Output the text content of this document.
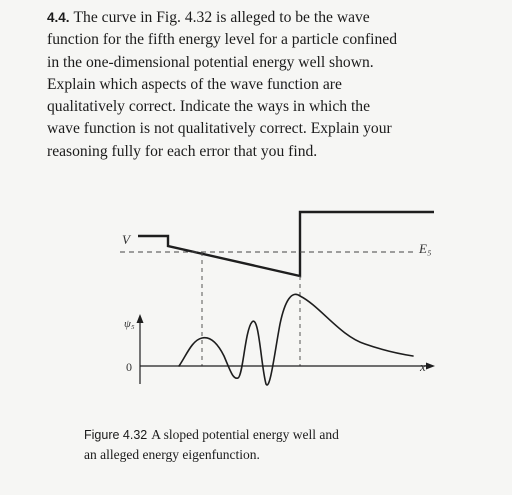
4.4. The curve in Fig. 4.32 is alleged to be the wave
function for the fifth energy level for a particle confined
in the one-dimensional potential energy well shown.
Explain which aspects of the wave function are
qualitatively correct. Indicate the ways in which the
wave function is not qualitatively correct. Explain your
reasoning fully for each error that you find.
V
E₅
ψ₅
0	x
Figure 4.32 A sloped potential energy well and
an alleged energy eigenfunction.
